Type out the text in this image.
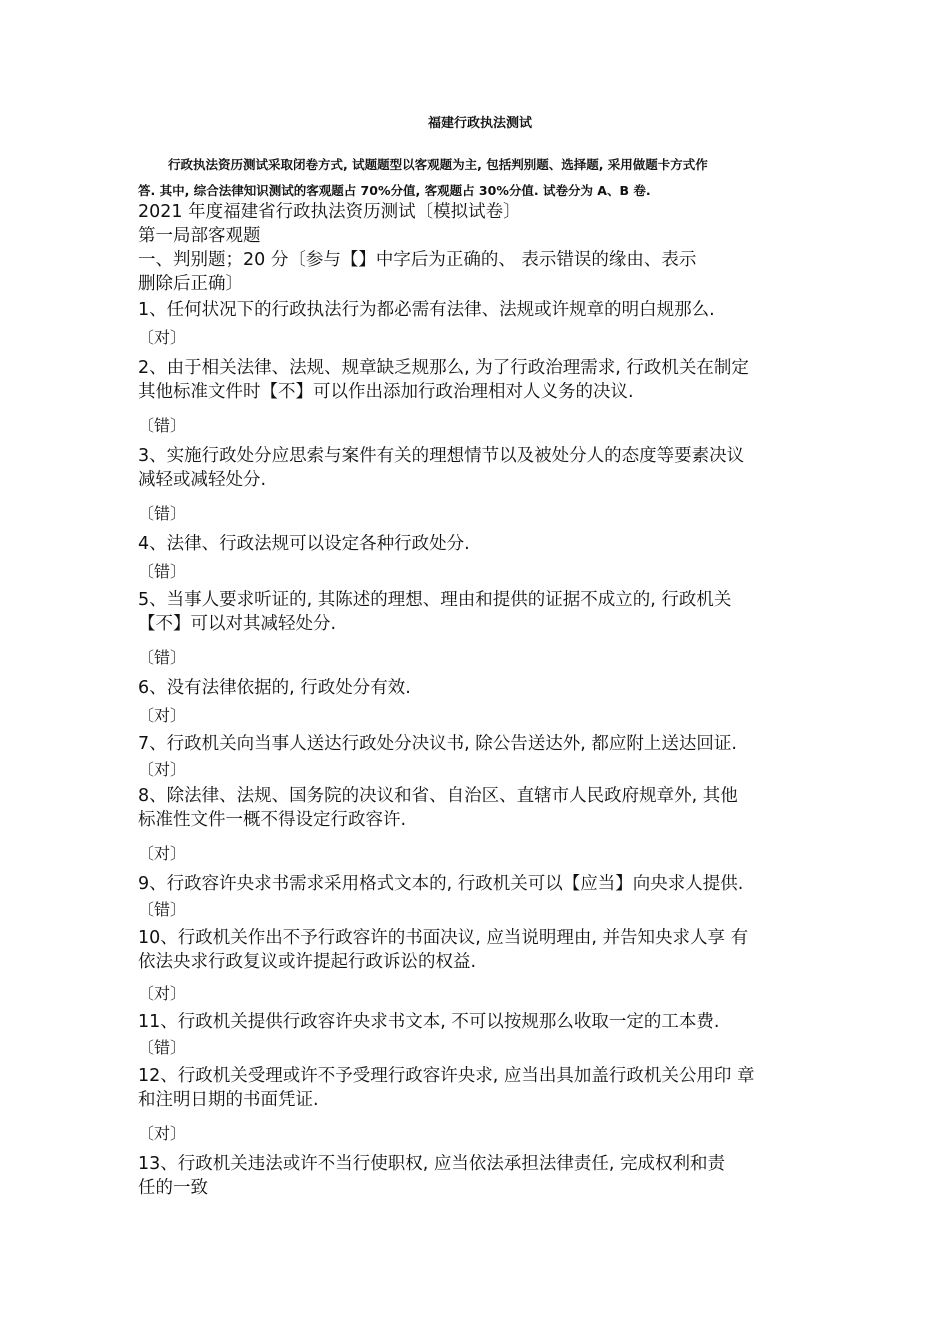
福建行政执法测试

行政执法资历测试采取闭卷方式, 试题题型以客观题为主, 包括判别题、选择题, 采用做题卡方式作

答. 其中, 综合法律知识测试的客观题占 70%分值, 客观题占 30%分值. 试卷分为 A、B 卷.

2021 年度福建省行政执法资历测试〔模拟试卷〕

第一局部客观题

一、判别题；20 分〔参与【】中字后为正确的、 表示错误的缘由、表示

删除后正确〕

1、任何状况下的行政执法行为都必需有法律、法规或许规章的明白规那么.

〔对〕

2、由于相关法律、法规、规章缺乏规那么, 为了行政治理需求, 行政机关在制定

其他标准文件时【不】可以作出添加行政治理相对人义务的决议.

〔错〕

3、实施行政处分应思索与案件有关的理想情节以及被处分人的态度等要素决议

减轻或减轻处分.

〔错〕

4、法律、行政法规可以设定各种行政处分.

〔错〕

5、当事人要求听证的, 其陈述的理想、理由和提供的证据不成立的, 行政机关

【不】可以对其减轻处分.

〔错〕

6、没有法律依据的, 行政处分有效.

〔对〕

7、行政机关向当事人送达行政处分决议书, 除公告送达外, 都应附上送达回证.

〔对〕

8、除法律、法规、国务院的决议和省、自治区、直辖市人民政府规章外, 其他

标准性文件一概不得设定行政容许.

〔对〕

9、行政容许央求书需求采用格式文本的, 行政机关可以【应当】向央求人提供.

〔错〕

10、行政机关作出不予行政容许的书面决议, 应当说明理由, 并告知央求人享 有

依法央求行政复议或许提起行政诉讼的权益.

〔对〕

11、行政机关提供行政容许央求书文本, 不可以按规那么收取一定的工本费.

〔错〕

12、行政机关受理或许不予受理行政容许央求, 应当出具加盖行政机关公用印 章

和注明日期的书面凭证.

〔对〕

13、行政机关违法或许不当行使职权, 应当依法承担法律责任, 完成权利和责

任的一致
